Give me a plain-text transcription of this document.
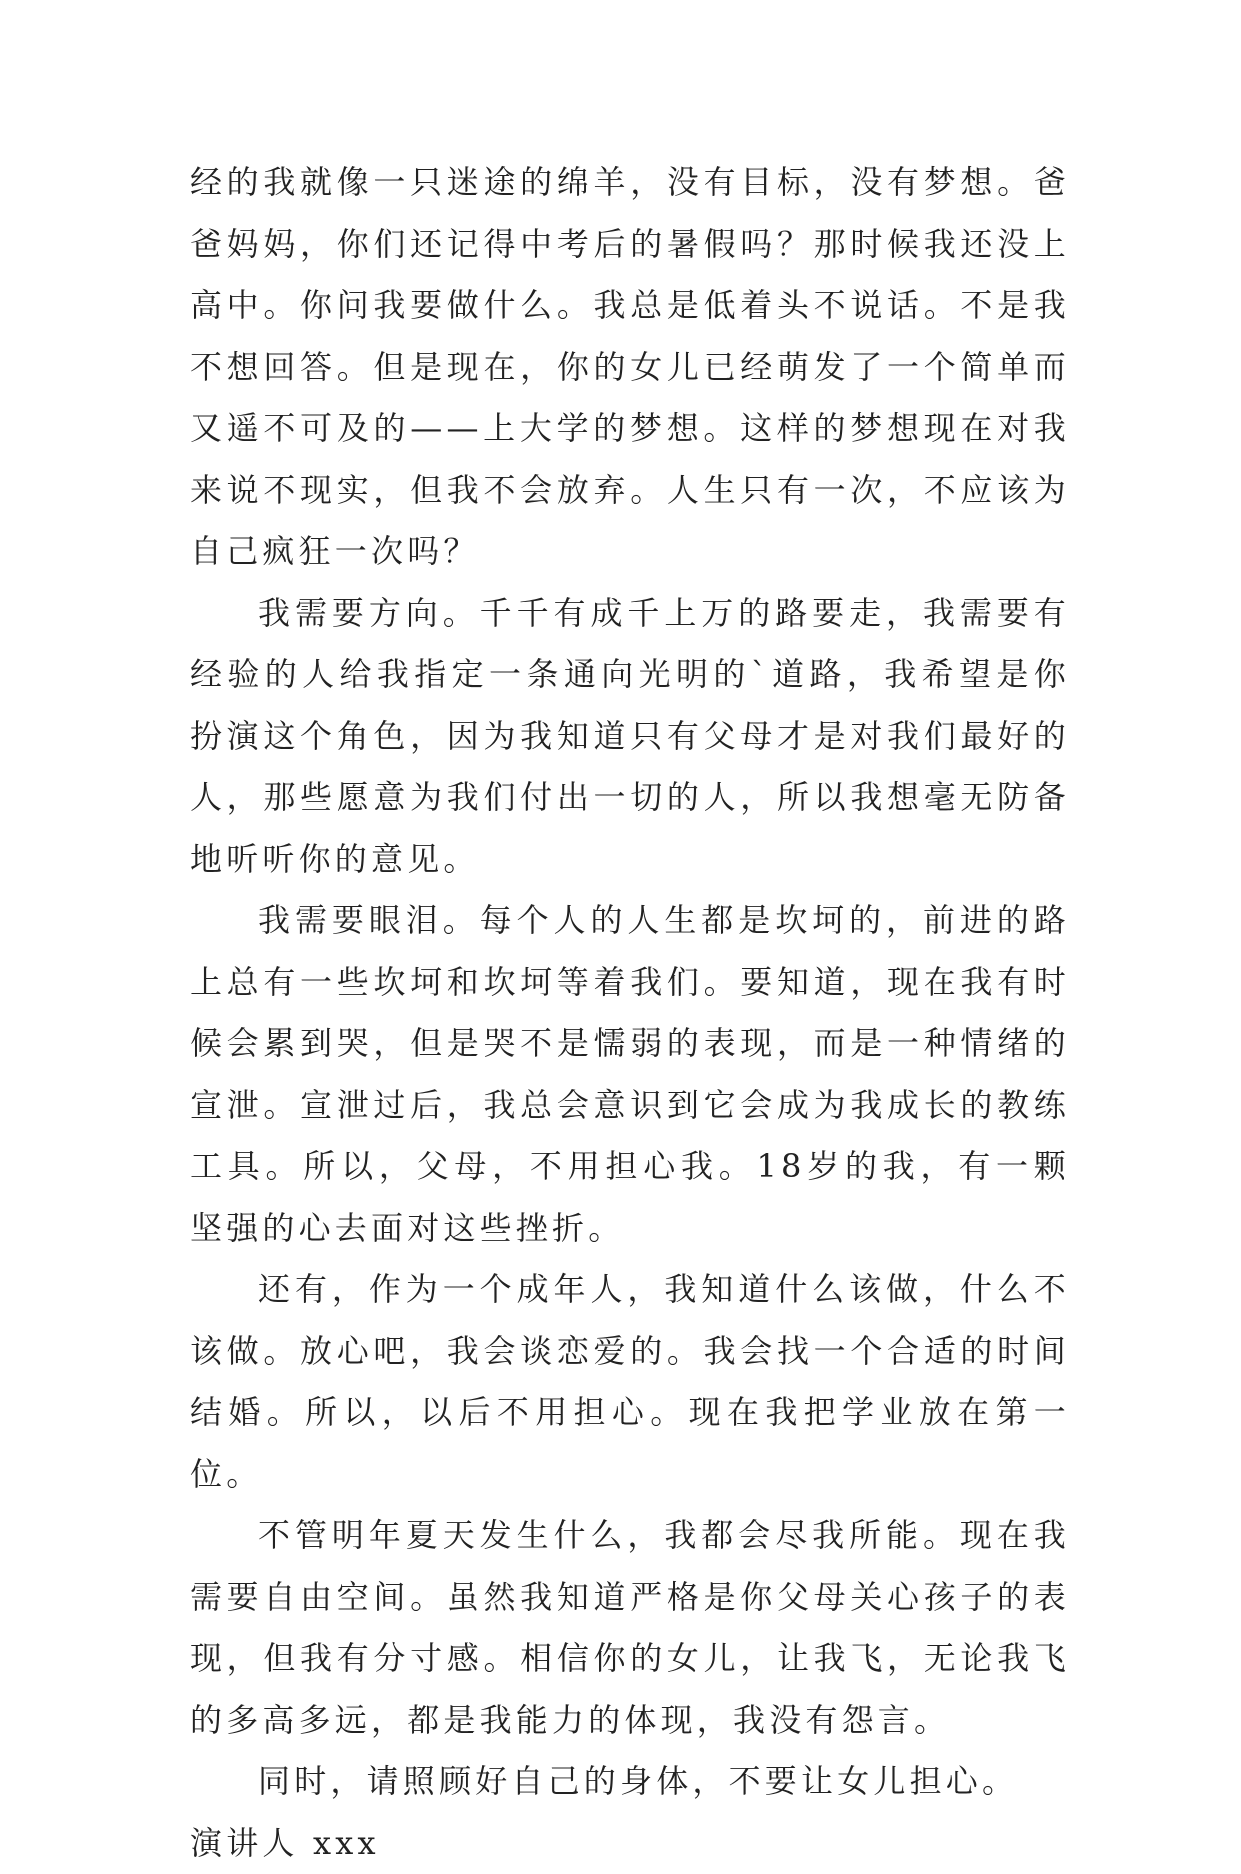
经的我就像一只迷途的绵羊，没有目标，没有梦想。爸爸妈妈，你们还记得中考后的暑假吗？那时候我还没上高中。你问我要做什么。我总是低着头不说话。不是我不想回答。但是现在，你的女儿已经萌发了一个简单而又遥不可及的——上大学的梦想。这样的梦想现在对我来说不现实，但我不会放弃。人生只有一次，不应该为自己疯狂一次吗？

我需要方向。千千有成千上万的路要走，我需要有经验的人给我指定一条通向光明的`道路，我希望是你扮演这个角色，因为我知道只有父母才是对我们最好的人，那些愿意为我们付出一切的人，所以我想毫无防备地听听你的意见。

我需要眼泪。每个人的人生都是坎坷的，前进的路上总有一些坎坷和坎坷等着我们。要知道，现在我有时候会累到哭，但是哭不是懦弱的表现，而是一种情绪的宣泄。宣泄过后，我总会意识到它会成为我成长的教练工具。所以，父母，不用担心我。18岁的我，有一颗坚强的心去面对这些挫折。

还有，作为一个成年人，我知道什么该做，什么不该做。放心吧，我会谈恋爱的。我会找一个合适的时间结婚。所以，以后不用担心。现在我把学业放在第一位。

不管明年夏天发生什么，我都会尽我所能。现在我需要自由空间。虽然我知道严格是你父母关心孩子的表现，但我有分寸感。相信你的女儿，让我飞，无论我飞的多高多远，都是我能力的体现，我没有怨言。

同时，请照顾好自己的身体，不要让女儿担心。

演讲人 xxx
